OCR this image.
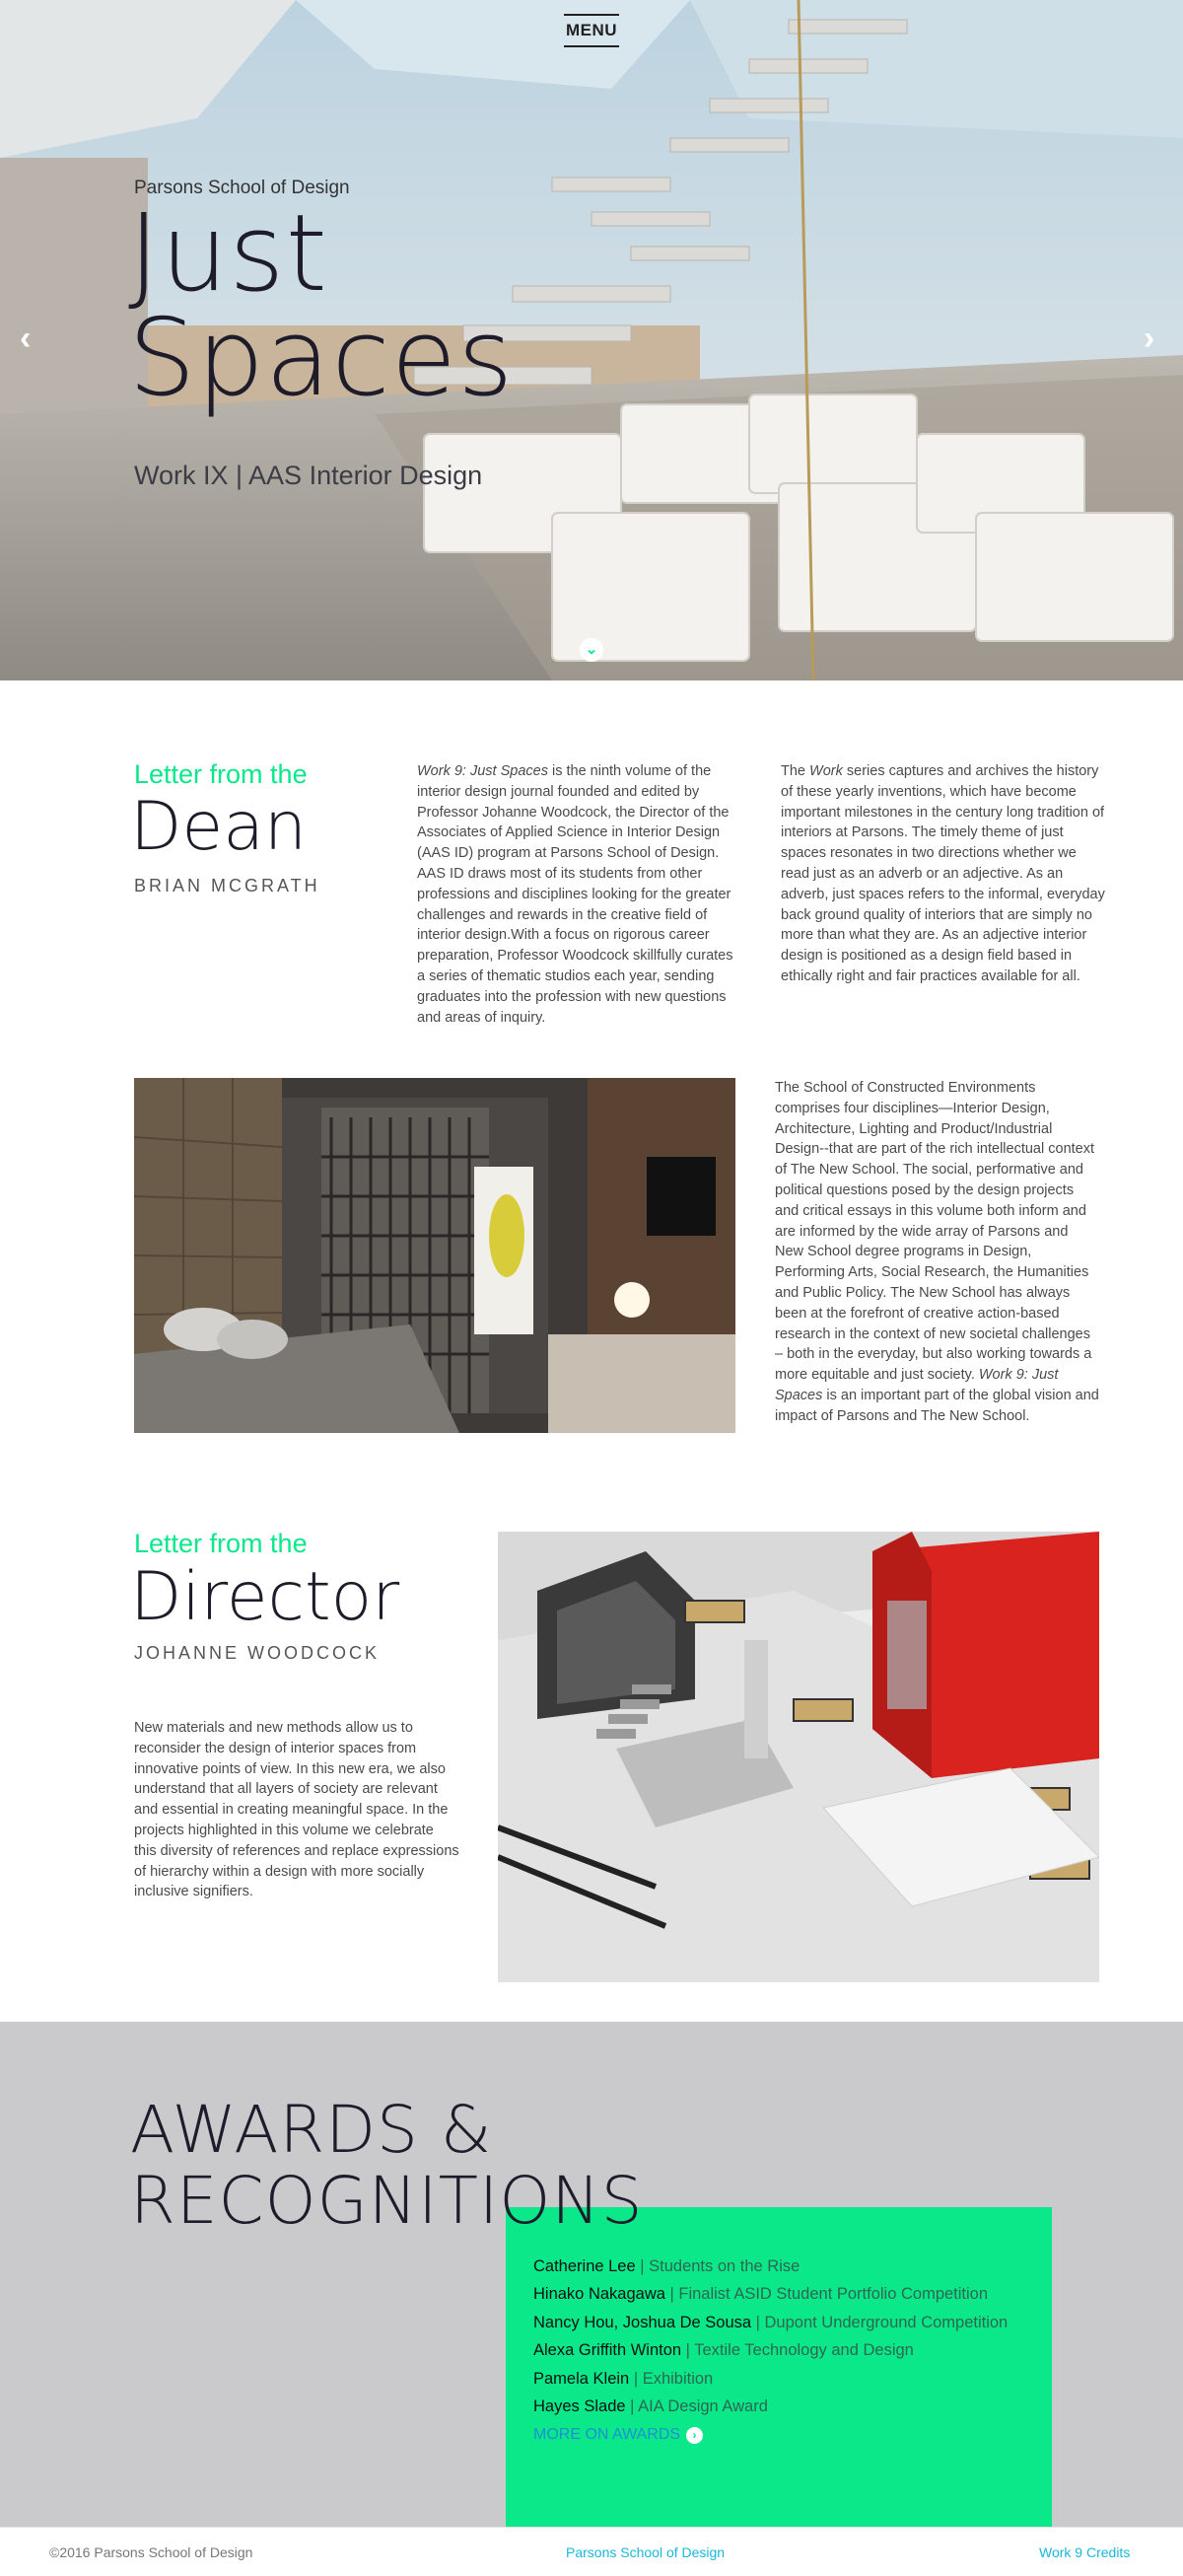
MENU
Parsons School of Design
Just
Spaces
Work IX | AAS Interior Design
‹	›
⌄
Letter from the
Dean
BRIAN MCGRATH
Work 9: Just Spaces is the ninth volume of the interior design journal founded and edited by Professor Johanne Woodcock, the Director of the Associates of Applied Science in Interior Design (AAS ID) program at Parsons School of Design. AAS ID draws most of its students from other professions and disciplines looking for the greater challenges and rewards in the creative field of interior design.With a focus on rigorous career preparation, Professor Woodcock skillfully curates a series of thematic studios each year, sending graduates into the profession with new questions and areas of inquiry.
The Work series captures and archives the history of these yearly inventions, which have become important milestones in the century long tradition of interiors at Parsons. The timely theme of just spaces resonates in two directions whether we read just as an adverb or an adjective. As an adverb, just spaces refers to the informal, everyday back ground quality of interiors that are simply no more than what they are. As an adjective interior design is positioned as a design field based in ethically right and fair practices available for all.
The School of Constructed Environments comprises four disciplines—Interior Design, Architecture, Lighting and Product/Industrial Design--that are part of the rich intellectual context of The New School. The social, performative and political questions posed by the design projects and critical essays in this volume both inform and are informed by the wide array of Parsons and New School degree programs in Design, Performing Arts, Social Research, the Humanities and Public Policy. The New School has always been at the forefront of creative action-based research in the context of new societal challenges – both in the everyday, but also working towards a more equitable and just society. Work 9: Just Spaces is an important part of the global vision and impact of Parsons and The New School.
Letter from the
Director
JOHANNE WOODCOCK
New materials and new methods allow us to reconsider the design of interior spaces from innovative points of view. In this new era, we also understand that all layers of society are relevant and essential in creating meaningful space. In the projects highlighted in this volume we celebrate this diversity of references and replace expressions of hierarchy within a design with more socially inclusive signifiers.
AWARDS &
RECOGNITIONS
Catherine Lee | Students on the Rise
Hinako Nakagawa | Finalist ASID Student Portfolio Competition
Nancy Hou, Joshua De Sousa | Dupont Underground Competition
Alexa Griffith Winton | Textile Technology and Design
Pamela Klein | Exhibition
Hayes Slade | AIA Design Award
MORE ON AWARDS	›
©2016 Parsons School of Design	Parsons School of Design	Work 9 Credits
